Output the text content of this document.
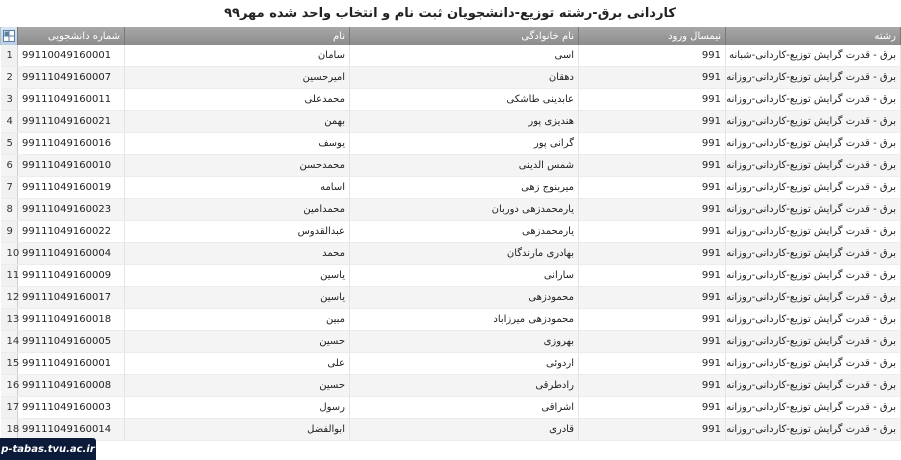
کاردانی برق-رشته توزیع-دانشجویان ثبت نام و انتخاب واحد شده مهر۹۹
	شماره دانشجویی	نام	نام خانوادگی	نیمسال ورود	رشته
1	99110049160001	سامان	اسی	991	برق - قدرت گرایش توزیع-کاردانی-شبانه
2	99111049160007	امیرحسین	دهقان	991	برق - قدرت گرایش توزیع-کاردانی-روزانه
3	99111049160011	محمدعلی	عابدینی طاشکی	991	برق - قدرت گرایش توزیع-کاردانی-روزانه
4	99111049160021	بهمن	هندیزی پور	991	برق - قدرت گرایش توزیع-کاردانی-روزانه
5	99111049160016	یوسف	گرانی پور	991	برق - قدرت گرایش توزیع-کاردانی-روزانه
6	99111049160010	محمدحسن	شمس الدینی	991	برق - قدرت گرایش توزیع-کاردانی-روزانه
7	99111049160019	اسامه	میربنوج زهی	991	برق - قدرت گرایش توزیع-کاردانی-روزانه
8	99111049160023	محمدامین	یارمحمدزهی دوربان	991	برق - قدرت گرایش توزیع-کاردانی-روزانه
9	99111049160022	عبدالقدوس	یارمحمدزهی	991	برق - قدرت گرایش توزیع-کاردانی-روزانه
10	99111049160004	محمد	بهادری مارندگان	991	برق - قدرت گرایش توزیع-کاردانی-روزانه
11	99111049160009	یاسین	سارانی	991	برق - قدرت گرایش توزیع-کاردانی-روزانه
12	99111049160017	یاسین	محمودزهی	991	برق - قدرت گرایش توزیع-کاردانی-روزانه
13	99111049160018	مبین	محمودزهی میرزاباد	991	برق - قدرت گرایش توزیع-کاردانی-روزانه
14	99111049160005	حسین	بهروزی	991	برق - قدرت گرایش توزیع-کاردانی-روزانه
15	99111049160001	علی	اردوئی	991	برق - قدرت گرایش توزیع-کاردانی-روزانه
16	99111049160008	حسین	رادطرقی	991	برق - قدرت گرایش توزیع-کاردانی-روزانه
17	99111049160003	رسول	اشراقی	991	برق - قدرت گرایش توزیع-کاردانی-روزانه
18	99111049160014	ابوالفضل	قادری	991	برق - قدرت گرایش توزیع-کاردانی-روزانه
p-tabas.tvu.ac.ir
